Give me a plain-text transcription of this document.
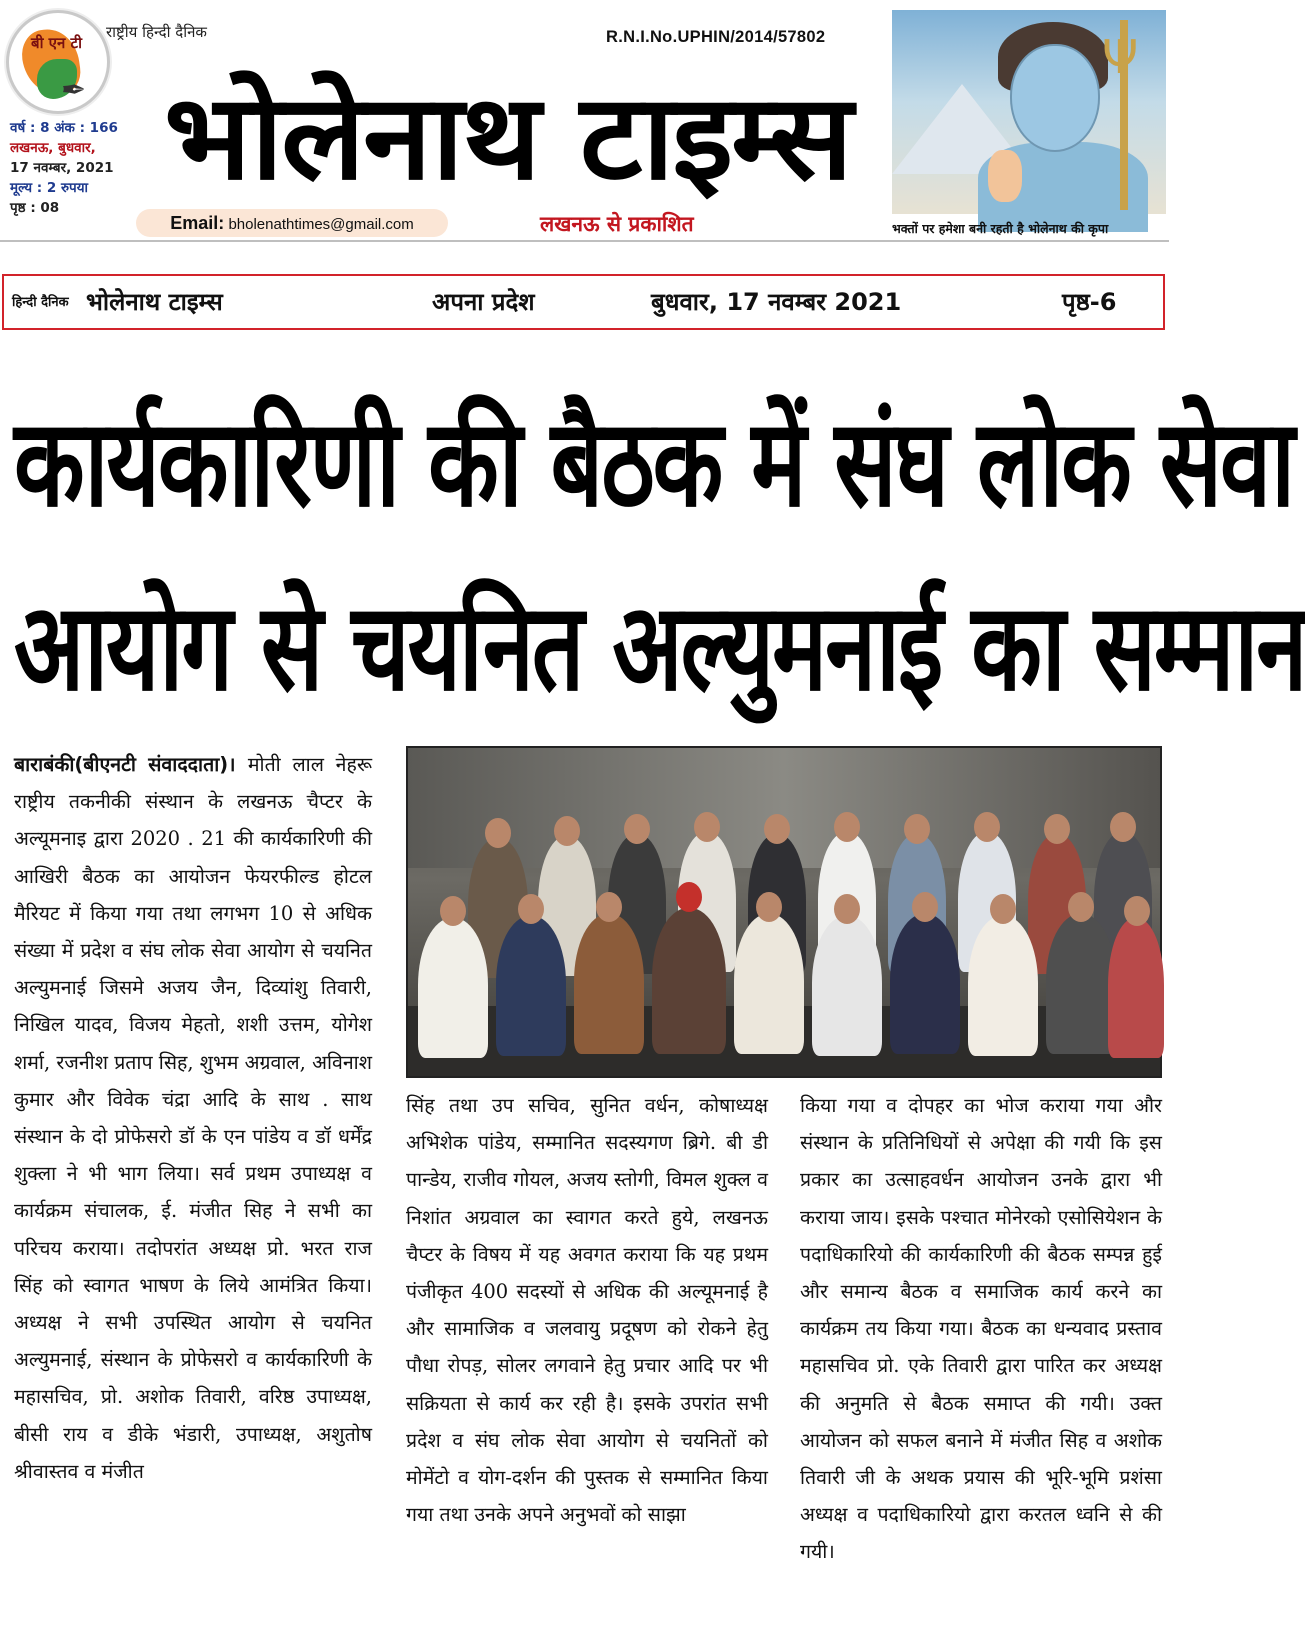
बी एन टी
✒
राष्ट्रीय हिन्दी दैनिक
वर्ष : 8 अंक : 166
लखनऊ, बुधवार,
17 नवम्बर, 2021
मूल्य : 2 रुपया
पृष्ठ : 08
R.N.I.No.UPHIN/2014/57802
भोलेनाथ टाइम्स
Email: bholenathtimes@gmail.com	लखनऊ से प्रकाशित
Ψ
भक्तों पर हमेशा बनी रहती है भोलेनाथ की कृपा
हिन्दी दैनिक भोलेनाथ टाइम्स	अपना प्रदेश	बुधवार, 17 नवम्बर 2021	पृष्ठ-6
कार्यकारिणी की बैठक में संघ लोक सेवा
आयोग से चयनित अल्युमनाई का सम्मान
बाराबंकी(बीएनटी संवाददाता)। मोती लाल नेहरू राष्ट्रीय तकनीकी संस्थान के लखनऊ चैप्टर के अल्यूमनाइ द्वारा 2020 . 21 की कार्यकारिणी की आखिरी बैठक का आयोजन फेयरफील्ड होटल मैरियट में किया गया तथा लगभग 10 से अधिक संख्या में प्रदेश व संघ लोक सेवा आयोग से चयनित अल्युमनाई जिसमे अजय जैन, दिव्यांशु तिवारी, निखिल यादव, विजय मेहतो, शशी उत्तम, योगेश शर्मा, रजनीश प्रताप सिह, शुभम अग्रवाल, अविनाश कुमार और विवेक चंद्रा आदि के साथ . साथ संस्थान के दो प्रोफेसरो डॉ के एन पांडेय व डॉ धर्मेंद्र शुक्ला ने भी भाग लिया। सर्व प्रथम उपाध्यक्ष व कार्यक्रम संचालक, ई. मंजीत सिह ने सभी का परिचय कराया। तदोपरांत अध्यक्ष प्रो. भरत राज सिंह को स्वागत भाषण के लिये आमंत्रित किया। अध्यक्ष ने सभी उपस्थित आयोग से चयनित अल्युमनाई, संस्थान के प्रोफेसरो व कार्यकारिणी के महासचिव, प्रो. अशोक तिवारी, वरिष्ठ उपाध्यक्ष, बीसी राय व डीके भंडारी, उपाध्यक्ष, अशुतोष श्रीवास्तव व मंजीत
सिंह तथा उप सचिव, सुनित वर्धन, कोषाध्यक्ष अभिशेक पांडेय, सम्मानित सदस्यगण ब्रिगे. बी डी पान्डेय, राजीव गोयल, अजय स्तोगी, विमल शुक्ल व निशांत अग्रवाल का स्वागत करते हुये, लखनऊ चैप्टर के विषय में यह अवगत कराया कि यह प्रथम पंजीकृत 400 सदस्यों से अधिक की अल्यूमनाई है और सामाजिक व जलवायु प्रदूषण को रोकने हेतु पौधा रोपड़, सोलर लगवाने हेतु प्रचार आदि पर भी सक्रियता से कार्य कर रही है। इसके उपरांत सभी प्रदेश व संघ लोक सेवा आयोग से चयनितों को मोमेंटो व योग-दर्शन की पुस्तक से सम्मानित किया गया तथा उनके अपने अनुभवों को साझा
किया गया व दोपहर का भोज कराया गया और संस्थान के प्रतिनिधियों से अपेक्षा की गयी कि इस प्रकार का उत्साहवर्धन आयोजन उनके द्वारा भी कराया जाय। इसके पश्चात मोनेरको एसोसियेशन के पदाधिकारियो की कार्यकारिणी की बैठक सम्पन्न हुई और समान्य बैठक व समाजिक कार्य करने का कार्यक्रम तय किया गया। बैठक का धन्यवाद प्रस्ताव महासचिव प्रो. एके तिवारी द्वारा पारित कर अध्यक्ष की अनुमति से बैठक समाप्त की गयी। उक्त आयोजन को सफल बनाने में मंजीत सिह व अशोक तिवारी जी के अथक प्रयास की भूरि-भूमि प्रशंसा अध्यक्ष व पदाधिकारियो द्वारा करतल ध्वनि से की गयी।
